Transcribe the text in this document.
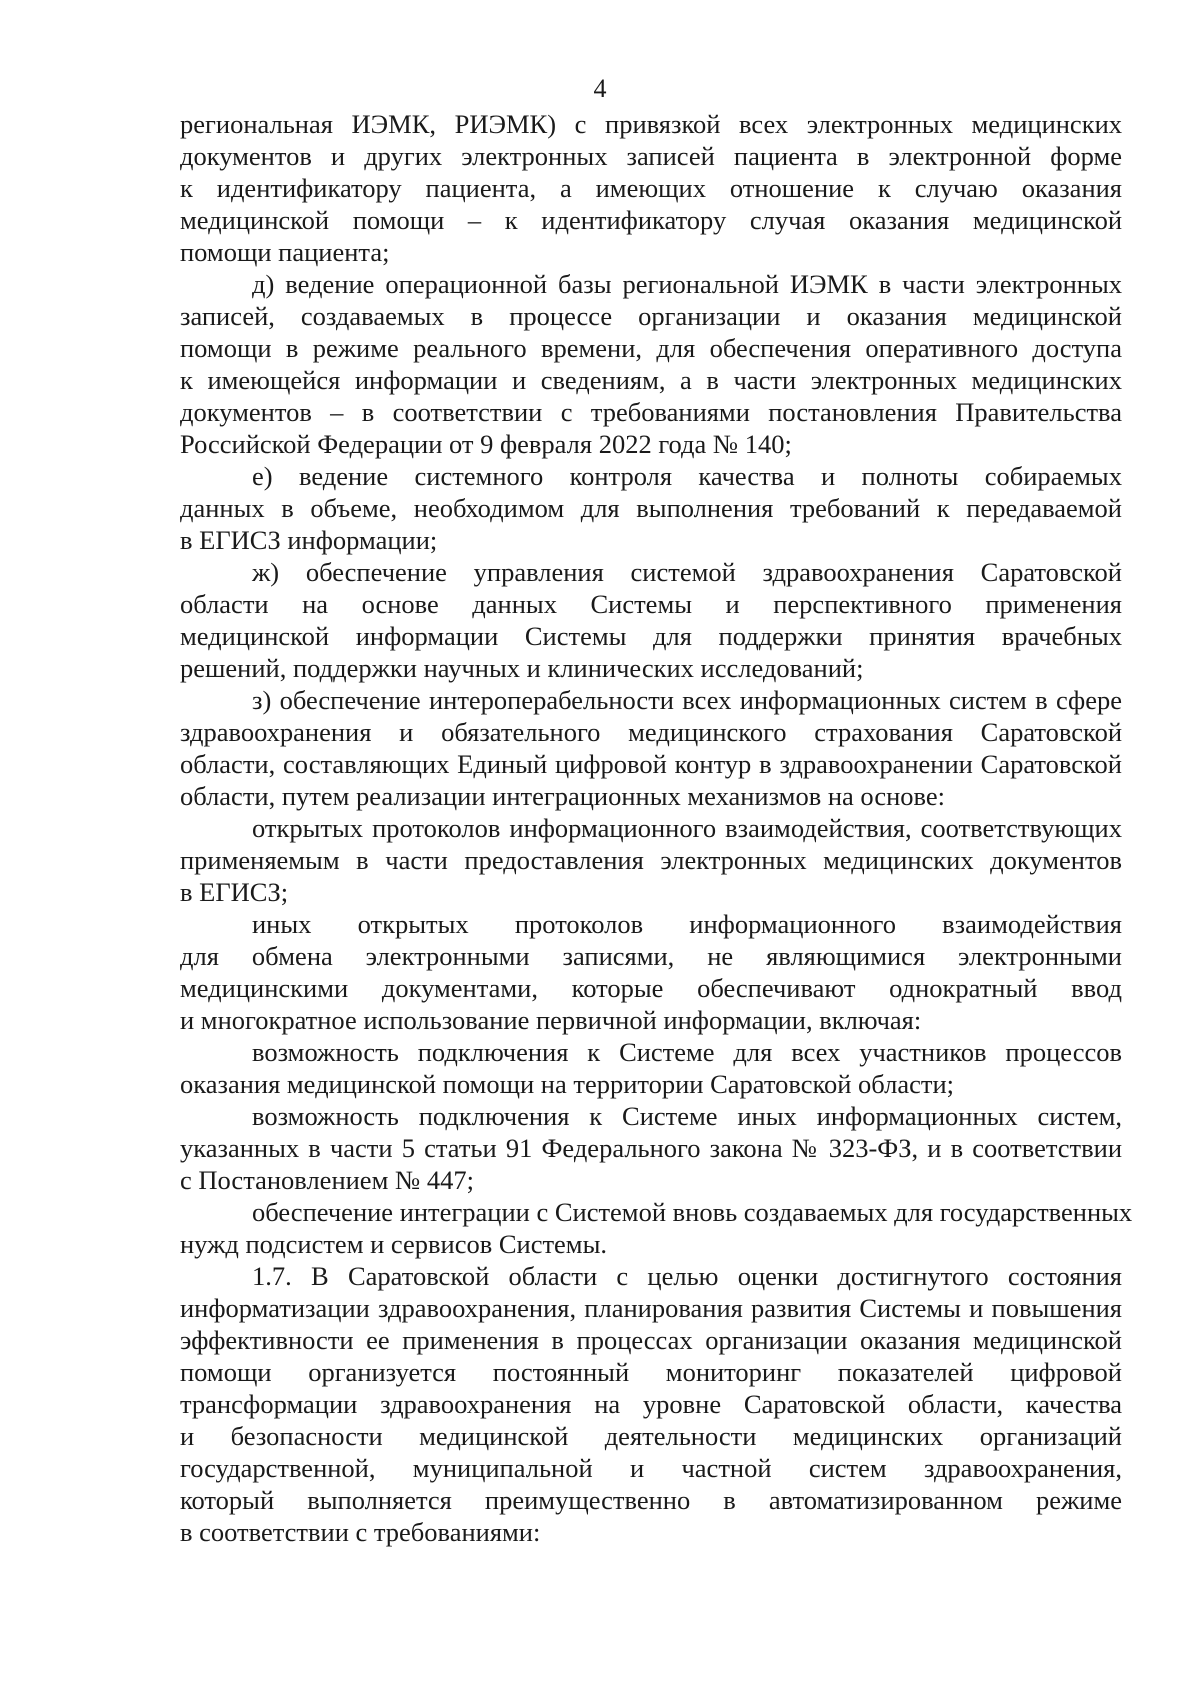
4
региональная ИЭМК, РИЭМК) с привязкой всех электронных медицинских
документов и других электронных записей пациента в электронной форме
к идентификатору пациента, а имеющих отношение к случаю оказания
медицинской помощи – к идентификатору случая оказания медицинской
помощи пациента;
д) ведение операционной базы региональной ИЭМК в части электронных
записей, создаваемых в процессе организации и оказания медицинской
помощи в режиме реального времени, для обеспечения оперативного доступа
к имеющейся информации и сведениям, а в части электронных медицинских
документов – в соответствии с требованиями постановления Правительства
Российской Федерации от 9 февраля 2022 года № 140;
е) ведение системного контроля качества и полноты собираемых
данных в объеме, необходимом для выполнения требований к передаваемой
в ЕГИСЗ информации;
ж) обеспечение управления системой здравоохранения Саратовской
области на основе данных Системы и перспективного применения
медицинской информации Системы для поддержки принятия врачебных
решений, поддержки научных и клинических исследований;
з) обеспечение интероперабельности всех информационных систем в сфере
здравоохранения и обязательного медицинского страхования Саратовской
области, составляющих Единый цифровой контур в здравоохранении Саратовской
области, путем реализации интеграционных механизмов на основе:
открытых протоколов информационного взаимодействия, соответствующих
применяемым в части предоставления электронных медицинских документов
в ЕГИСЗ;
иных открытых протоколов информационного взаимодействия
для обмена электронными записями, не являющимися электронными
медицинскими документами, которые обеспечивают однократный ввод
и многократное использование первичной информации, включая:
возможность подключения к Системе для всех участников процессов
оказания медицинской помощи на территории Саратовской области;
возможность подключения к Системе иных информационных систем,
указанных в части 5 статьи 91 Федерального закона № 323-ФЗ, и в соответствии
с Постановлением № 447;
обеспечение интеграции с Системой вновь создаваемых для государственных
нужд подсистем и сервисов Системы.
1.7. В Саратовской области с целью оценки достигнутого состояния
информатизации здравоохранения, планирования развития Системы и повышения
эффективности ее применения в процессах организации оказания медицинской
помощи организуется постоянный мониторинг показателей цифровой
трансформации здравоохранения на уровне Саратовской области, качества
и безопасности медицинской деятельности медицинских организаций
государственной, муниципальной и частной систем здравоохранения,
который выполняется преимущественно в автоматизированном режиме
в соответствии с требованиями:
